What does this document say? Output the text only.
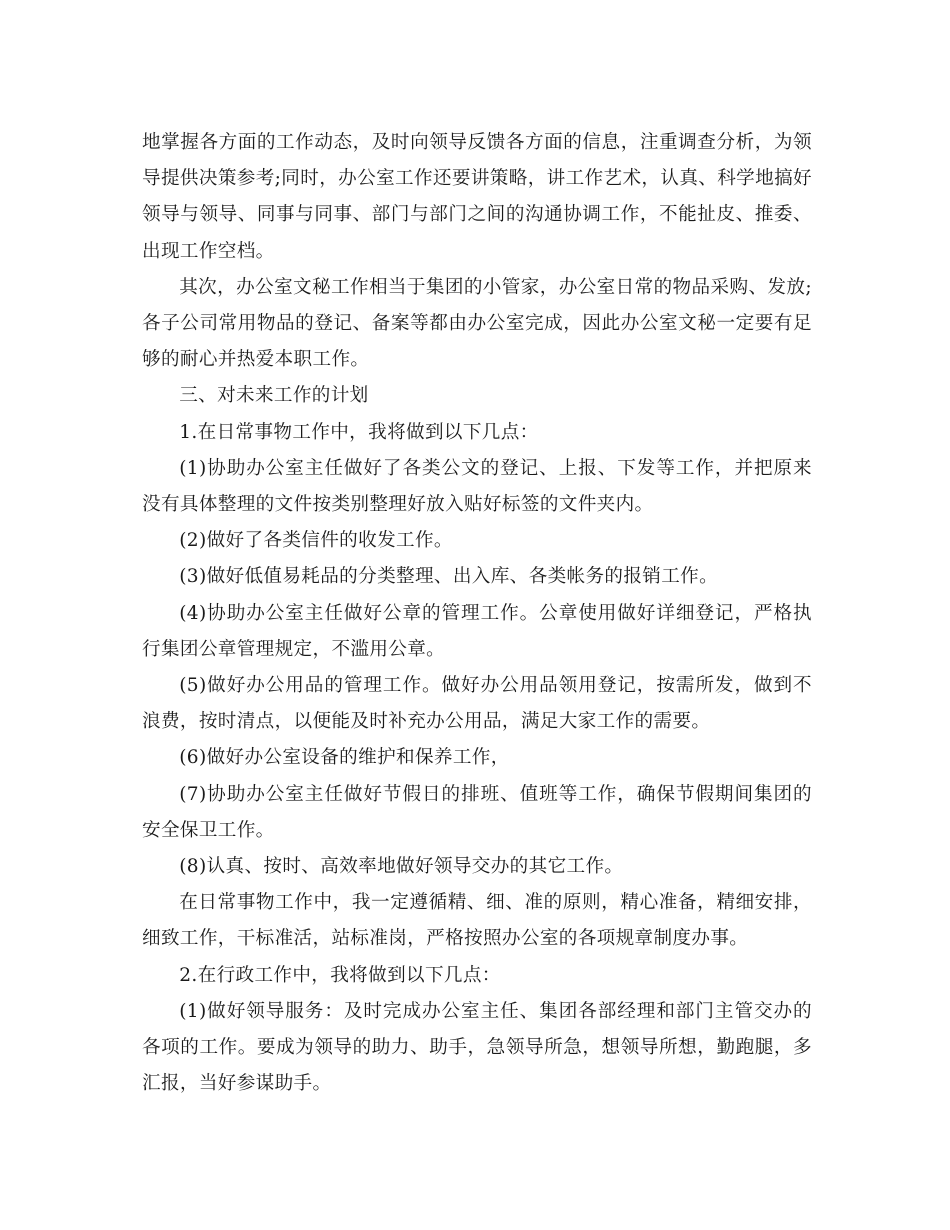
地掌握各方面的工作动态，及时向领导反馈各方面的信息，注重调查分析，为领导提供决策参考;同时，办公室工作还要讲策略，讲工作艺术，认真、科学地搞好领导与领导、同事与同事、部门与部门之间的沟通协调工作，不能扯皮、推委、出现工作空档。

其次，办公室文秘工作相当于集团的小管家，办公室日常的物品采购、发放;各子公司常用物品的登记、备案等都由办公室完成，因此办公室文秘一定要有足够的耐心并热爱本职工作。

三、对未来工作的计划

1.在日常事物工作中，我将做到以下几点：

(1)协助办公室主任做好了各类公文的登记、上报、下发等工作，并把原来没有具体整理的文件按类别整理好放入贴好标签的文件夹内。

(2)做好了各类信件的收发工作。

(3)做好低值易耗品的分类整理、出入库、各类帐务的报销工作。

(4)协助办公室主任做好公章的管理工作。公章使用做好详细登记，严格执行集团公章管理规定，不滥用公章。

(5)做好办公用品的管理工作。做好办公用品领用登记，按需所发，做到不浪费，按时清点，以便能及时补充办公用品，满足大家工作的需要。

(6)做好办公室设备的维护和保养工作，

(7)协助办公室主任做好节假日的排班、值班等工作，确保节假期间集团的安全保卫工作。

(8)认真、按时、高效率地做好领导交办的其它工作。

在日常事物工作中，我一定遵循精、细、准的原则，精心准备，精细安排，细致工作，干标准活，站标准岗，严格按照办公室的各项规章制度办事。

2.在行政工作中，我将做到以下几点：

(1)做好领导服务：及时完成办公室主任、集团各部经理和部门主管交办的各项的工作。要成为领导的助力、助手，急领导所急，想领导所想，勤跑腿，多汇报，当好参谋助手。
